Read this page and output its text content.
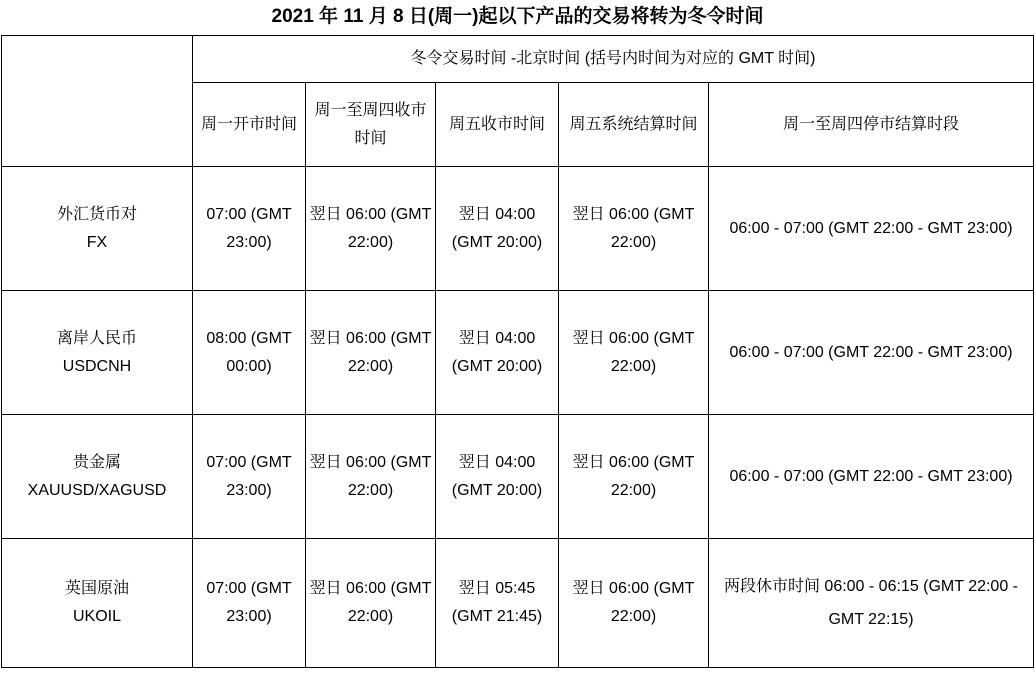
2021 年 11 月 8 日(周一)起以下产品的交易将转为冬令时间
	冬令交易时间 -北京时间 (括号内时间为对应的 GMT 时间)				
	周一开市时间	周一至周四收市时间	周五收市时间	周五系统结算时间	周一至周四停市结算时段
外汇货币对
FX	07:00 (GMT 23:00)	翌日 06:00 (GMT 22:00)	翌日 04:00 (GMT 20:00)	翌日 06:00 (GMT 22:00)	06:00 - 07:00 (GMT 22:00 - GMT 23:00)
离岸人民币
USDCNH	08:00 (GMT 00:00)	翌日 06:00 (GMT 22:00)	翌日 04:00 (GMT 20:00)	翌日 06:00 (GMT 22:00)	06:00 - 07:00 (GMT 22:00 - GMT 23:00)
贵金属
XAUUSD/XAGUSD	07:00 (GMT 23:00)	翌日 06:00 (GMT 22:00)	翌日 04:00 (GMT 20:00)	翌日 06:00 (GMT 22:00)	06:00 - 07:00 (GMT 22:00 - GMT 23:00)
英国原油
UKOIL	07:00 (GMT 23:00)	翌日 06:00 (GMT 22:00)	翌日 05:45 (GMT 21:45)	翌日 06:00 (GMT 22:00)	两段休市时间 06:00 - 06:15 (GMT 22:00 - GMT 22:15)
